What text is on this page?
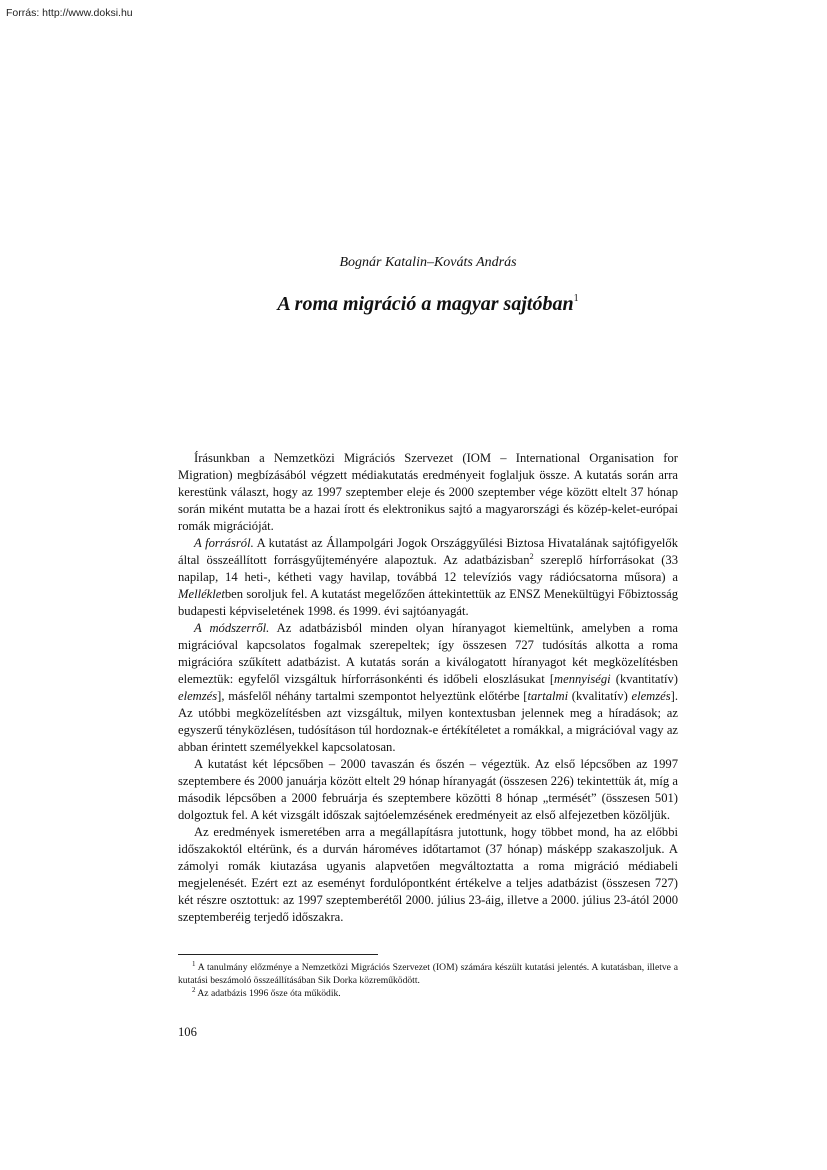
Forrás: http://www.doksi.hu
Bognár Katalin–Kováts András
A roma migráció a magyar sajtóban$^1$

Írásunkban a Nemzetközi Migrációs Szervezet (IOM – International Organisation for Migration) megbízásából végzett médiakutatás eredményeit foglaljuk össze. A kutatás során arra kerestünk választ, hogy az 1997 szeptember eleje és 2000 szeptember vége között eltelt 37 hónap során miként mutatta be a hazai írott és elektronikus sajtó a magyarországi és közép-kelet-európai romák migrációját.

A forrásról. A kutatást az Állampolgári Jogok Országgyűlési Biztosa Hivatalának sajtófigyelők által összeállított forrásgyűjteményére alapoztuk. Az adatbázisban$^2$ szereplő hírforrásokat (33 napilap, 14 heti-, kétheti vagy havilap, továbbá 12 televíziós vagy rádiócsatorna műsora) a Mellékletben soroljuk fel. A kutatást megelőzően áttekintettük az ENSZ Menekültügyi Főbiztosság budapesti képviseletének 1998. és 1999. évi sajtóanyagát.

A módszerről. Az adatbázisból minden olyan híranyagot kiemeltünk, amelyben a roma migrációval kapcsolatos fogalmak szerepeltek; így összesen 727 tudósítás alkotta a roma migrációra szűkített adatbázist. A kutatás során a kiválogatott híranyagot két megközelítésben elemeztük: egyfelől vizsgáltuk hírforrásonkénti és időbeli eloszlásukat [mennyiségi (kvantitatív) elemzés], másfelől néhány tartalmi szempontot helyeztünk előtérbe [tartalmi (kvalitatív) elemzés]. Az utóbbi megközelítésben azt vizsgáltuk, milyen kontextusban jelennek meg a híradások; az egyszerű tényközlésen, tudósításon túl hordoznak-e értékítéletet a romákkal, a migrációval vagy az abban érintett személyekkel kapcsolatosan.

A kutatást két lépcsőben – 2000 tavaszán és őszén – végeztük. Az első lépcsőben az 1997 szeptembere és 2000 januárja között eltelt 29 hónap híranyagát (összesen 226) tekintettük át, míg a második lépcsőben a 2000 februárja és szeptembere közötti 8 hónap „termését” (összesen 501) dolgoztuk fel. A két vizsgált időszak sajtóelemzésének eredményeit az első alfejezetben közöljük.

Az eredmények ismeretében arra a megállapításra jutottunk, hogy többet mond, ha az előbbi időszakoktól eltérünk, és a durván hároméves időtartamot (37 hónap) másképp szakaszoljuk. A zámolyi romák kiutazása ugyanis alapvetően megváltoztatta a roma migráció médiabeli megjelenését. Ezért ezt az eseményt fordulópontként értékelve a teljes adatbázist (összesen 727) két részre osztottuk: az 1997 szeptemberétől 2000. július 23-áig, illetve a 2000. július 23-ától 2000 szeptemberéig terjedő időszakra.

$^1$ A tanulmány előzménye a Nemzetközi Migrációs Szervezet (IOM) számára készült kutatási jelentés. A kutatásban, illetve a kutatási beszámoló összeállításában Sik Dorka közreműködött.

$^2$ Az adatbázis 1996 ősze óta működik.

106
